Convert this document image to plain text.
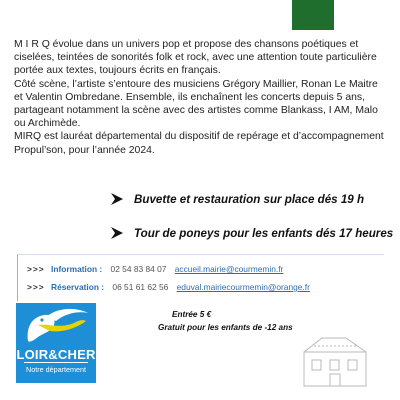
M I R Q évolue dans un univers pop et propose des chansons poétiques et ciselées, teintées de sonorités folk et rock, avec une attention toute particulière portée aux textes, toujours écrits en français.

Côté scène, l’artiste s’entoure des musiciens Grégory Maillier, Ronan Le Maitre et Valentin Ombredane. Ensemble, ils enchaînent les concerts depuis 5 ans, partageant notamment la scène avec des artistes comme Blankass, I AM, Malo ou Archimède.

MIRQ est lauréat départemental du dispositif de repérage et d’accompagnement Propul’son, pour l’année 2024.

Buvette et restauration sur place dés 19 h
Tour de poneys pour les enfants dés 17 heures
>>> Information : 02 54 83 84 07 accueil.mairie@courmemin.fr
>>> Réservation : 06 51 61 62 56 eduval.mairiecourmemin@orange.fr
Entrée 5 €
Gratuit pour les enfants de -12 ans
LOIR&CHER
Notre département
